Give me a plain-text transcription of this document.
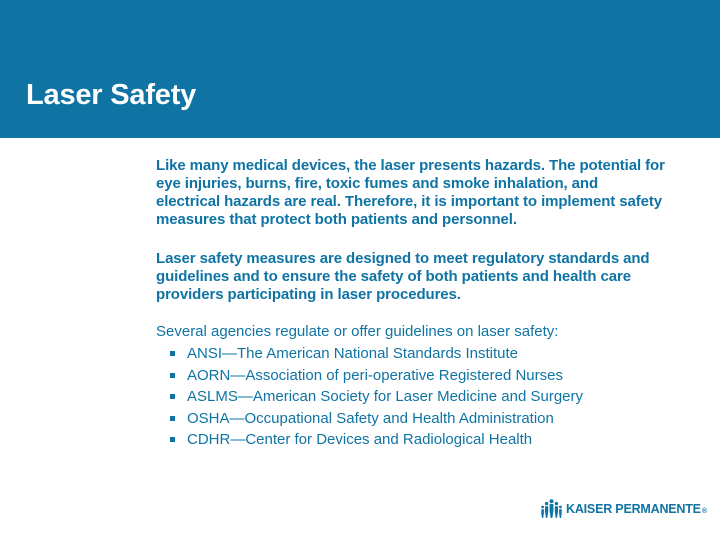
Laser Safety

Like many medical devices, the laser presents hazards. The potential for eye injuries, burns, fire, toxic fumes and smoke inhalation, and electrical hazards are real. Therefore, it is important to implement safety measures that protect both patients and personnel.

Laser safety measures are designed to meet regulatory standards and guidelines and to ensure the safety of both patients and health care providers participating in laser procedures.

Several agencies regulate or offer guidelines on laser safety:

ANSI—The American National Standards Institute
AORN—Association of peri-operative Registered Nurses
ASLMS—American Society for Laser Medicine and Surgery
OSHA—Occupational Safety and Health Administration
CDHR—Center for Devices and Radiological Health
KAISER PERMANENTE®
